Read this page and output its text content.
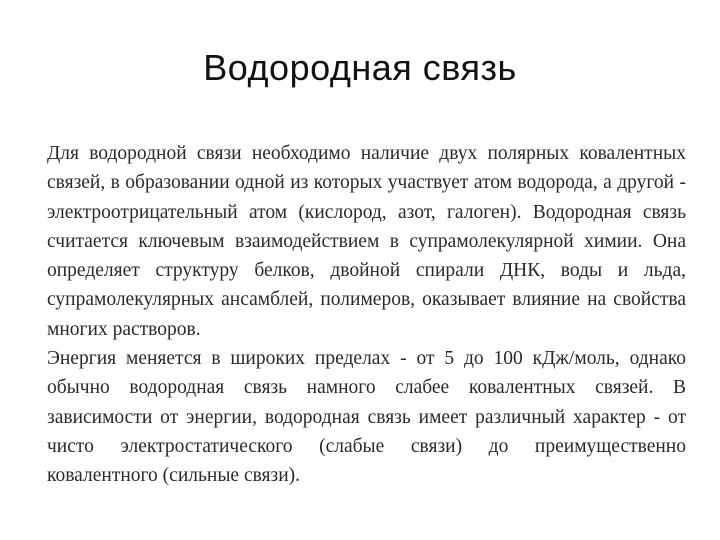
Водородная связь

Для водородной связи необходимо наличие двух полярных ковалентных связей, в образовании одной из которых участвует атом водорода, а другой - электроотрицательный атом (кислород, азот, галоген). Водородная связь считается ключевым взаимодействием в супрамолекулярной химии. Она определяет структуру белков, двойной спирали ДНК, воды и льда, супрамолекулярных ансамблей, полимеров, оказывает влияние на свойства многих растворов.

Энергия меняется в широких пределах - от 5 до 100 кДж/моль, однако обычно водородная связь намного слабее ковалентных связей. В зависимости от энергии, водородная связь имеет различный характер - от чисто электростатического (слабые связи) до преимущественно ковалентного (сильные связи).
